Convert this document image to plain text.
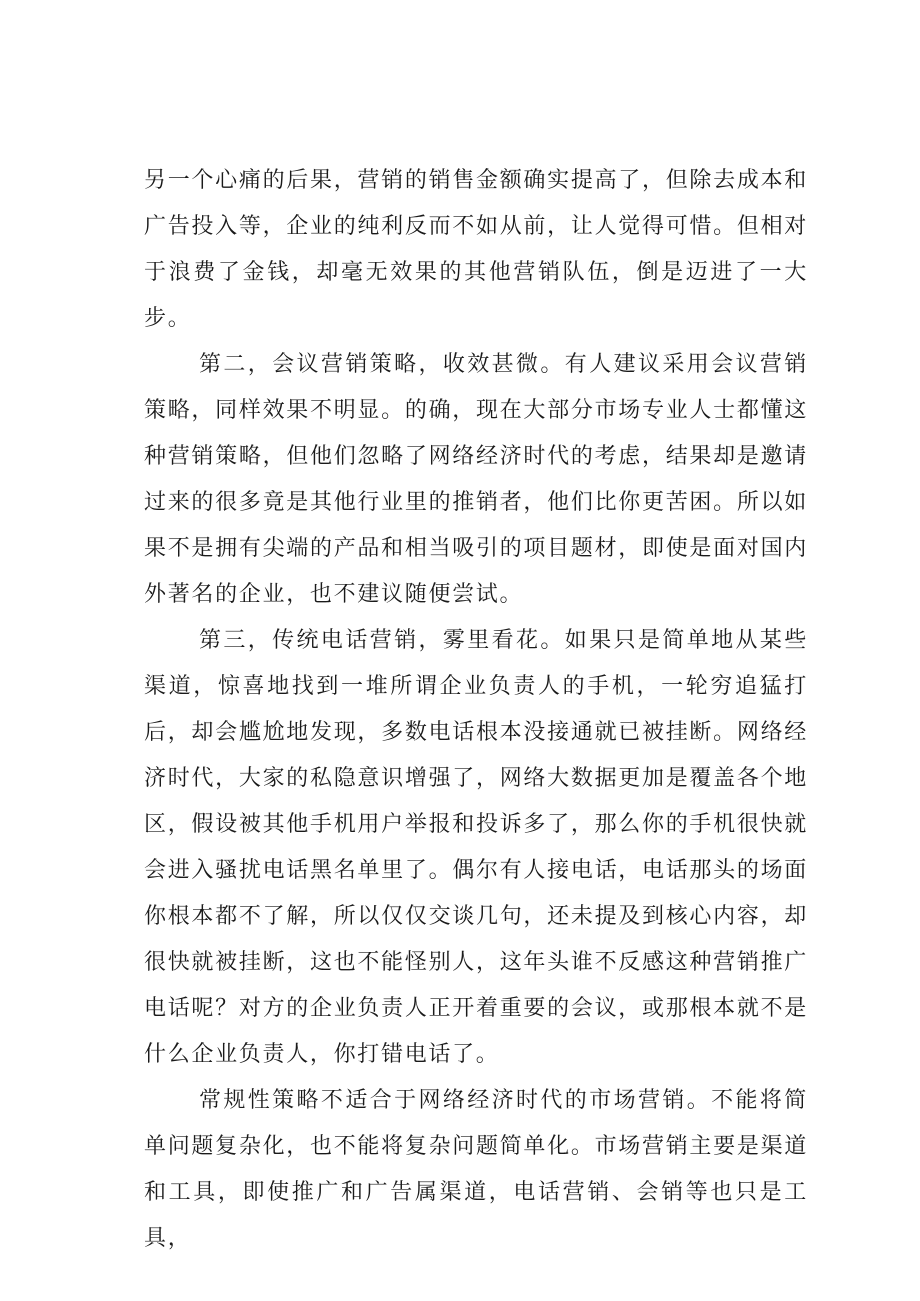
另一个心痛的后果，营销的销售金额确实提高了，但除去成本和广告投入等，企业的纯利反而不如从前，让人觉得可惜。但相对于浪费了金钱，却毫无效果的其他营销队伍，倒是迈进了一大步。

第二，会议营销策略，收效甚微。有人建议采用会议营销策略，同样效果不明显。的确，现在大部分市场专业人士都懂这种营销策略，但他们忽略了网络经济时代的考虑，结果却是邀请过来的很多竟是其他行业里的推销者，他们比你更苦困。所以如果不是拥有尖端的产品和相当吸引的项目题材，即使是面对国内外著名的企业，也不建议随便尝试。

第三，传统电话营销，雾里看花。如果只是简单地从某些渠道，惊喜地找到一堆所谓企业负责人的手机，一轮穷追猛打后，却会尴尬地发现，多数电话根本没接通就已被挂断。网络经济时代，大家的私隐意识增强了，网络大数据更加是覆盖各个地区，假设被其他手机用户举报和投诉多了，那么你的手机很快就会进入骚扰电话黑名单里了。偶尔有人接电话，电话那头的场面你根本都不了解，所以仅仅交谈几句，还未提及到核心内容，却很快就被挂断，这也不能怪别人，这年头谁不反感这种营销推广电话呢？对方的企业负责人正开着重要的会议，或那根本就不是什么企业负责人，你打错电话了。

常规性策略不适合于网络经济时代的市场营销。不能将简单问题复杂化，也不能将复杂问题简单化。市场营销主要是渠道和工具，即使推广和广告属渠道，电话营销、会销等也只是工具，
